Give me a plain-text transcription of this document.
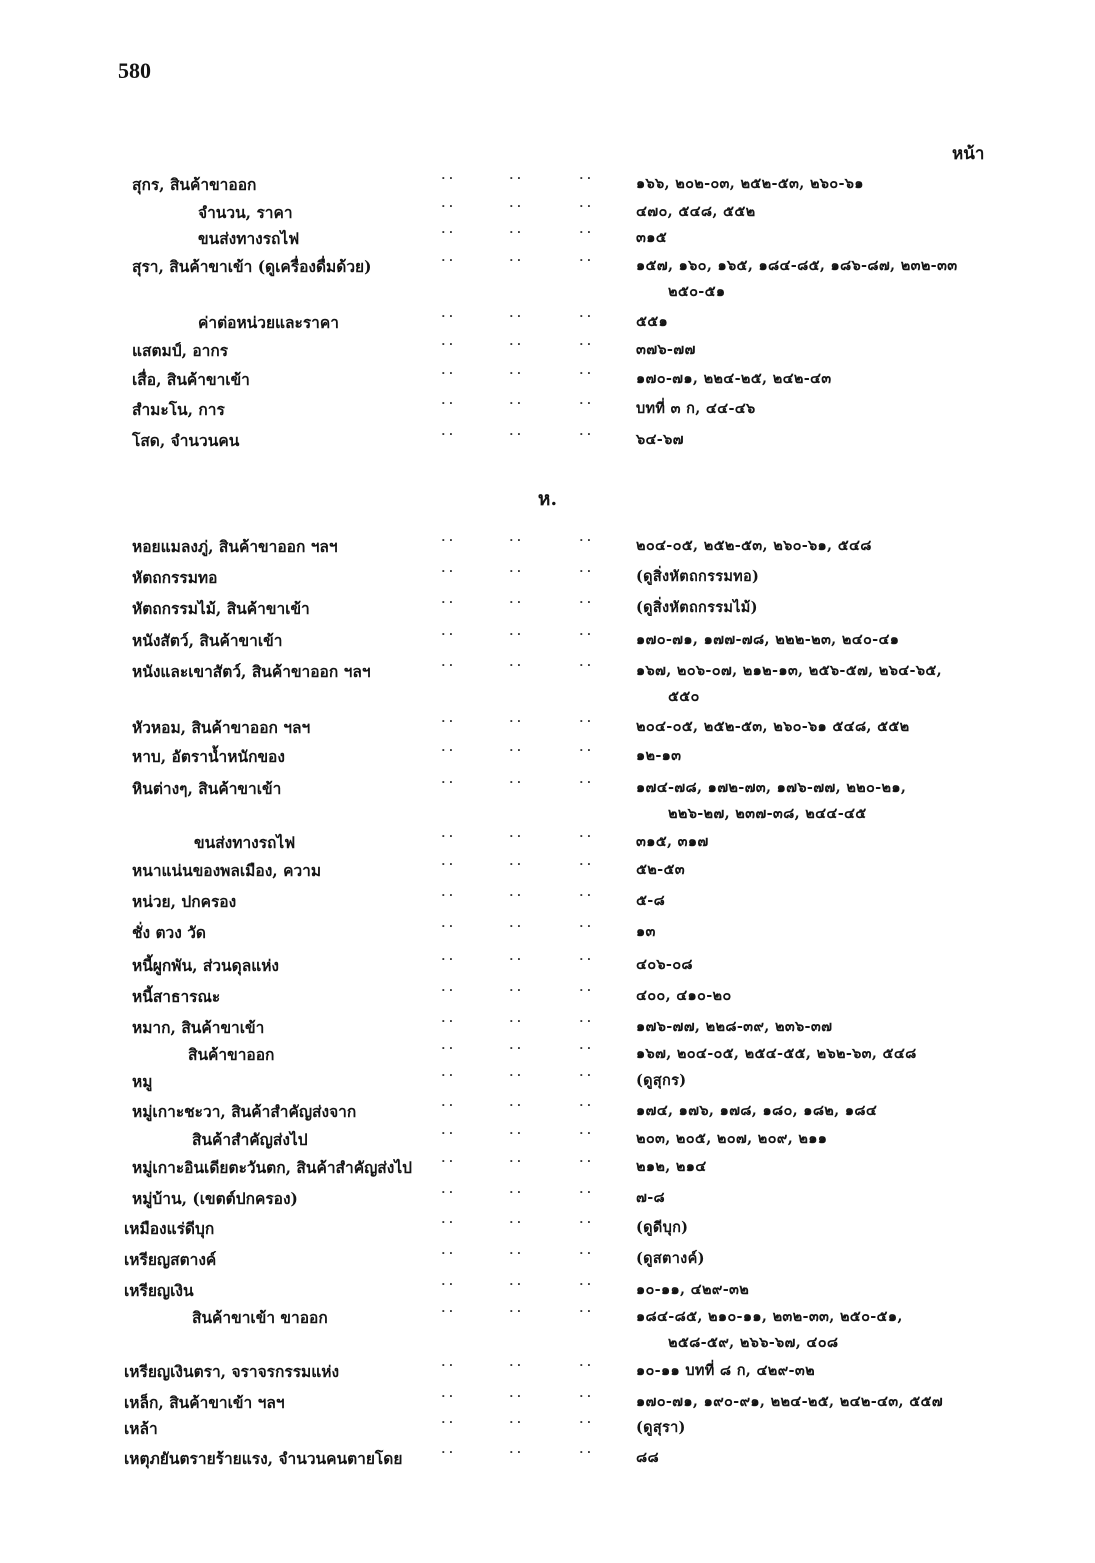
580
หน้า
ห.
สุกร, สินค้าขาออก	··	··	··	๑๖๖, ๒๐๒-๐๓, ๒๕๒-๕๓, ๒๖๐-๖๑
จำนวน, ราคา	··	··	··	๔๗๐, ๕๔๘, ๕๕๒
ขนส่งทางรถไฟ	··	··	··	๓๑๕
สุรา, สินค้าขาเข้า (ดูเครื่องดื่มด้วย)	··	··	··	๑๕๗, ๑๖๐, ๑๖๕, ๑๘๔-๘๕, ๑๘๖-๘๗, ๒๓๒-๓๓
๒๕๐-๕๑
ค่าต่อหน่วยและราคา	··	··	··	๕๕๑
แสตมป์, อากร	··	··	··	๓๗๖-๗๗
เสื่อ, สินค้าขาเข้า	··	··	··	๑๗๐-๗๑, ๒๒๔-๒๕, ๒๔๒-๔๓
สำมะโน, การ	··	··	··	บทที่ ๓ ก, ๔๔-๔๖
โสด, จำนวนคน	··	··	··	๖๔-๖๗
หอยแมลงภู่, สินค้าขาออก ฯลฯ	··	··	··	๒๐๔-๐๕, ๒๕๒-๕๓, ๒๖๐-๖๑, ๕๔๘
หัตถกรรมทอ	··	··	··	(ดูสิ่งหัตถกรรมทอ)
หัตถกรรมไม้, สินค้าขาเข้า	··	··	··	(ดูสิ่งหัตถกรรมไม้)
หนังสัตว์, สินค้าขาเข้า	··	··	··	๑๗๐-๗๑, ๑๗๗-๗๘, ๒๒๒-๒๓, ๒๔๐-๔๑
หนังและเขาสัตว์, สินค้าขาออก ฯลฯ	··	··	··	๑๖๗, ๒๐๖-๐๗, ๒๑๒-๑๓, ๒๕๖-๕๗, ๒๖๔-๖๕,
๕๕๐
หัวหอม, สินค้าขาออก ฯลฯ	··	··	··	๒๐๔-๐๕, ๒๕๒-๕๓, ๒๖๐-๖๑ ๕๔๘, ๕๕๒
หาบ, อัตราน้ำหนักของ	··	··	··	๑๒-๑๓
หินต่างๆ, สินค้าขาเข้า	··	··	··	๑๗๔-๗๘, ๑๗๒-๗๓, ๑๗๖-๗๗, ๒๒๐-๒๑,
๒๒๖-๒๗, ๒๓๗-๓๘, ๒๔๔-๔๕
ขนส่งทางรถไฟ	··	··	··	๓๑๕, ๓๑๗
หนาแน่นของพลเมือง, ความ	··	··	··	๕๒-๕๓
หน่วย, ปกครอง	··	··	··	๕-๘
ชั่ง ตวง วัด	··	··	··	๑๓
หนี้ผูกพัน, ส่วนดุลแห่ง	··	··	··	๔๐๖-๐๘
หนี้สาธารณะ	··	··	··	๔๐๐, ๔๑๐-๒๐
หมาก, สินค้าขาเข้า	··	··	··	๑๗๖-๗๗, ๒๒๘-๓๙, ๒๓๖-๓๗
สินค้าขาออก	··	··	··	๑๖๗, ๒๐๔-๐๕, ๒๕๔-๕๕, ๒๖๒-๖๓, ๕๔๘
หมู	··	··	··	(ดูสุกร)
หมู่เกาะชะวา, สินค้าสำคัญส่งจาก	··	··	··	๑๗๔, ๑๗๖, ๑๗๘, ๑๘๐, ๑๘๒, ๑๘๔
สินค้าสำคัญส่งไป	··	··	··	๒๐๓, ๒๐๕, ๒๐๗, ๒๐๙, ๒๑๑
หมู่เกาะอินเดียตะวันตก, สินค้าสำคัญส่งไป	··	··	··	๒๑๒, ๒๑๔
หมู่บ้าน, (เขตต์ปกครอง)	··	··	··	๗-๘
เหมืองแร่ดีบุก	··	··	··	(ดูดีบุก)
เหรียญสตางค์	··	··	··	(ดูสตางค์)
เหรียญเงิน	··	··	··	๑๐-๑๑, ๔๒๙-๓๒
สินค้าขาเข้า ขาออก	··	··	··	๑๘๔-๘๕, ๒๑๐-๑๑, ๒๓๒-๓๓, ๒๕๐-๕๑,
๒๕๘-๕๙, ๒๖๖-๖๗, ๔๐๘
เหรียญเงินตรา, จราจรกรรมแห่ง	··	··	··	๑๐-๑๑ บทที่ ๘ ก, ๔๒๙-๓๒
เหล็ก, สินค้าขาเข้า ฯลฯ	··	··	··	๑๗๐-๗๑, ๑๙๐-๙๑, ๒๒๔-๒๕, ๒๔๒-๔๓, ๕๕๗
เหล้า	··	··	··	(ดูสุรา)
เหตุภยันตรายร้ายแรง, จำนวนคนตายโดย	··	··	··	๘๘
